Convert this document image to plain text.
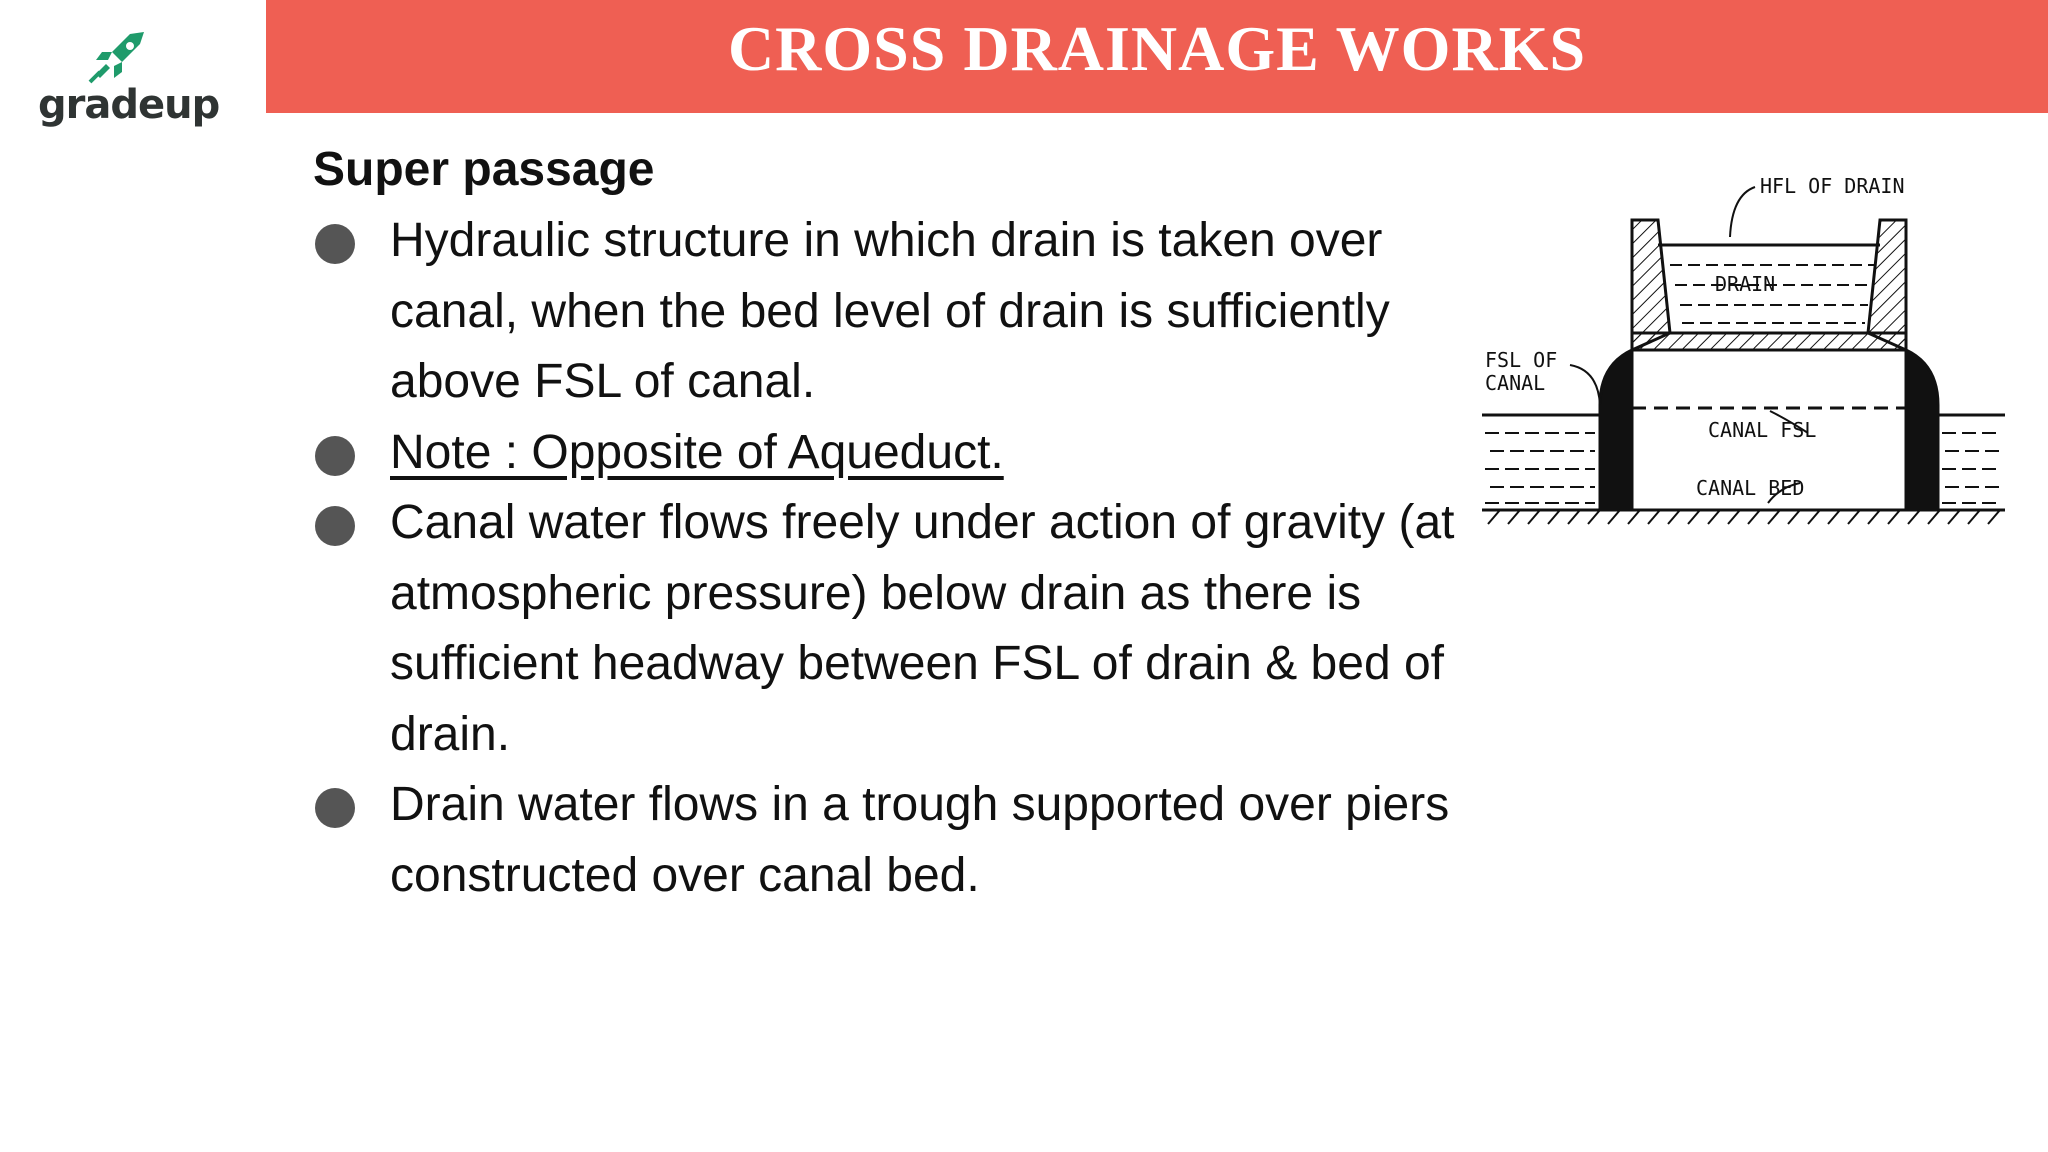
gradeup
CROSS DRAINAGE WORKS
Super passage
Hydraulic structure in which drain is taken over canal, when the bed level of drain is sufficiently above FSL of canal.
Note : Opposite of Aqueduct.
Canal water flows freely under action of gravity (at atmospheric pressure) below drain as there is sufficient headway between FSL of drain & bed of drain.
Drain water flows in a trough supported over piers constructed over canal bed.
HFL OF DRAIN
DRAIN
FSL OF
CANAL
CANAL FSL
CANAL BED
